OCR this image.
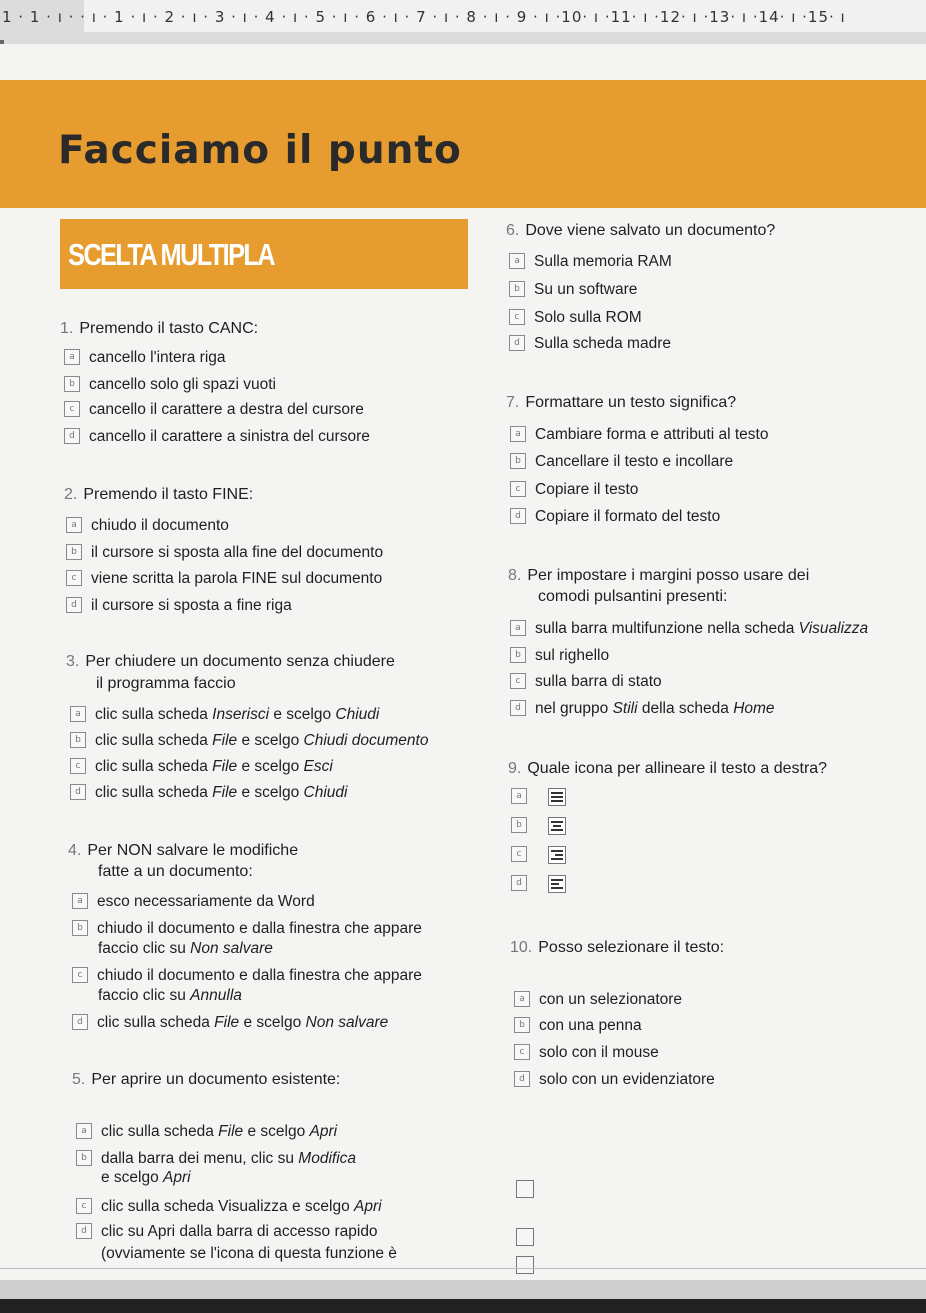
1 · 1 · ı · · ı · 1 · ı · 2 · ı · 3 · ı · 4 · ı · 5 · ı · 6 · ı · 7 · ı · 8 · ı · 9 · ı ·10· ı ·11· ı ·12· ı ·13· ı ·14· ı ·15· ı
Facciamo il punto
SCELTA MULTIPLA
1. Premendo il tasto CANC:
a cancello l'intera riga
b cancello solo gli spazi vuoti
c cancello il carattere a destra del cursore
d cancello il carattere a sinistra del cursore
2. Premendo il tasto FINE:
a chiudo il documento
b il cursore si sposta alla fine del documento
c viene scritta la parola FINE sul documento
d il cursore si sposta a fine riga
3. Per chiudere un documento senza chiudere
il programma faccio
a clic sulla scheda Inserisci e scelgo Chiudi
b clic sulla scheda File e scelgo Chiudi documento
c clic sulla scheda File e scelgo Esci
d clic sulla scheda File e scelgo Chiudi
4. Per NON salvare le modifiche
fatte a un documento:
a esco necessariamente da Word
b chiudo il documento e dalla finestra che appare
faccio clic su Non salvare
c chiudo il documento e dalla finestra che appare
faccio clic su Annulla
d clic sulla scheda File e scelgo Non salvare
5. Per aprire un documento esistente:
a clic sulla scheda File e scelgo Apri
b dalla barra dei menu, clic su Modifica
e scelgo Apri
c clic sulla scheda Visualizza e scelgo Apri
d clic su Apri dalla barra di accesso rapido
(ovviamente se l'icona di questa funzione è
6. Dove viene salvato un documento?
a Sulla memoria RAM
b Su un software
c Solo sulla ROM
d Sulla scheda madre
7. Formattare un testo significa?
a Cambiare forma e attributi al testo
b Cancellare il testo e incollare
c Copiare il testo
d Copiare il formato del testo
8. Per impostare i margini posso usare dei
comodi pulsantini presenti:
a sulla barra multifunzione nella scheda Visualizza
b sul righello
c sulla barra di stato
d nel gruppo Stili della scheda Home
9. Quale icona per allineare il testo a destra?
a
b
c
d
10. Posso selezionare il testo:
a con un selezionatore
b con una penna
c solo con il mouse
d solo con un evidenziatore
